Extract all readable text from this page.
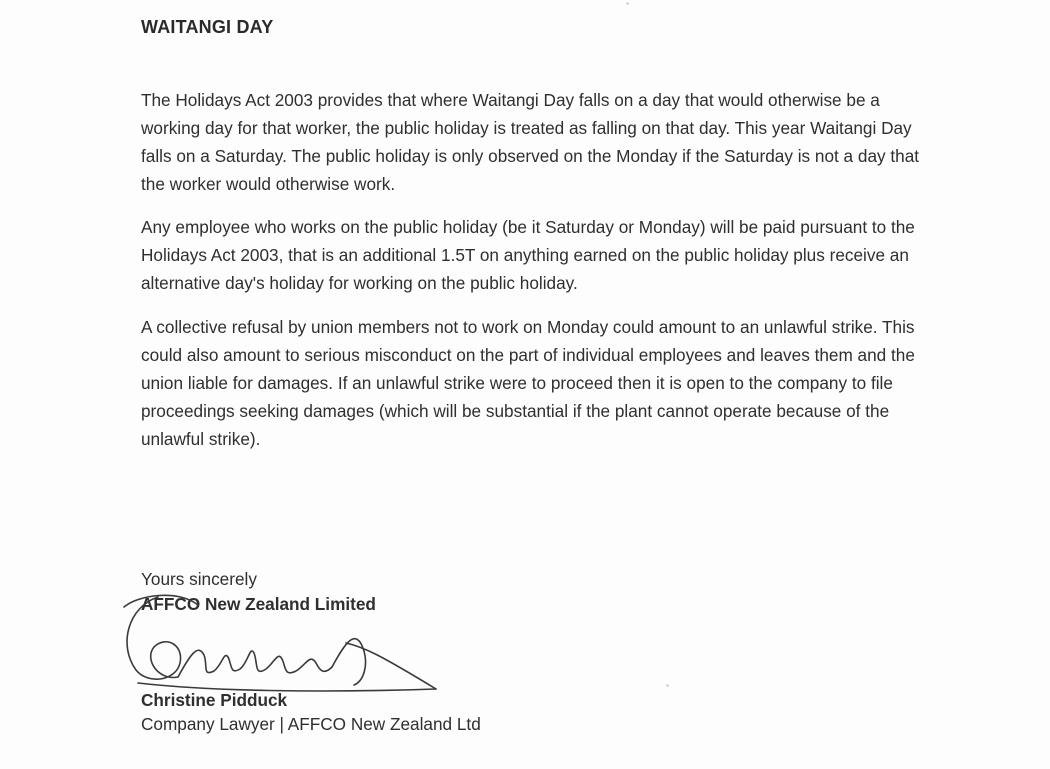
WAITANGI DAY

The Holidays Act 2003 provides that where Waitangi Day falls on a day that would otherwise be a working day for that worker, the public holiday is treated as falling on that day. This year Waitangi Day falls on a Saturday. The public holiday is only observed on the Monday if the Saturday is not a day that the worker would otherwise work.

Any employee who works on the public holiday (be it Saturday or Monday) will be paid pursuant to the Holidays Act 2003, that is an additional 1.5T on anything earned on the public holiday plus receive an alternative day's holiday for working on the public holiday.

A collective refusal by union members not to work on Monday could amount to an unlawful strike. This could also amount to serious misconduct on the part of individual employees and leaves them and the union liable for damages. If an unlawful strike were to proceed then it is open to the company to file proceedings seeking damages (which will be substantial if the plant cannot operate because of the unlawful strike).

Yours sincerely
AFFCO New Zealand Limited
Pidduck
Christine Pidduck
Company Lawyer | AFFCO New Zealand Ltd
